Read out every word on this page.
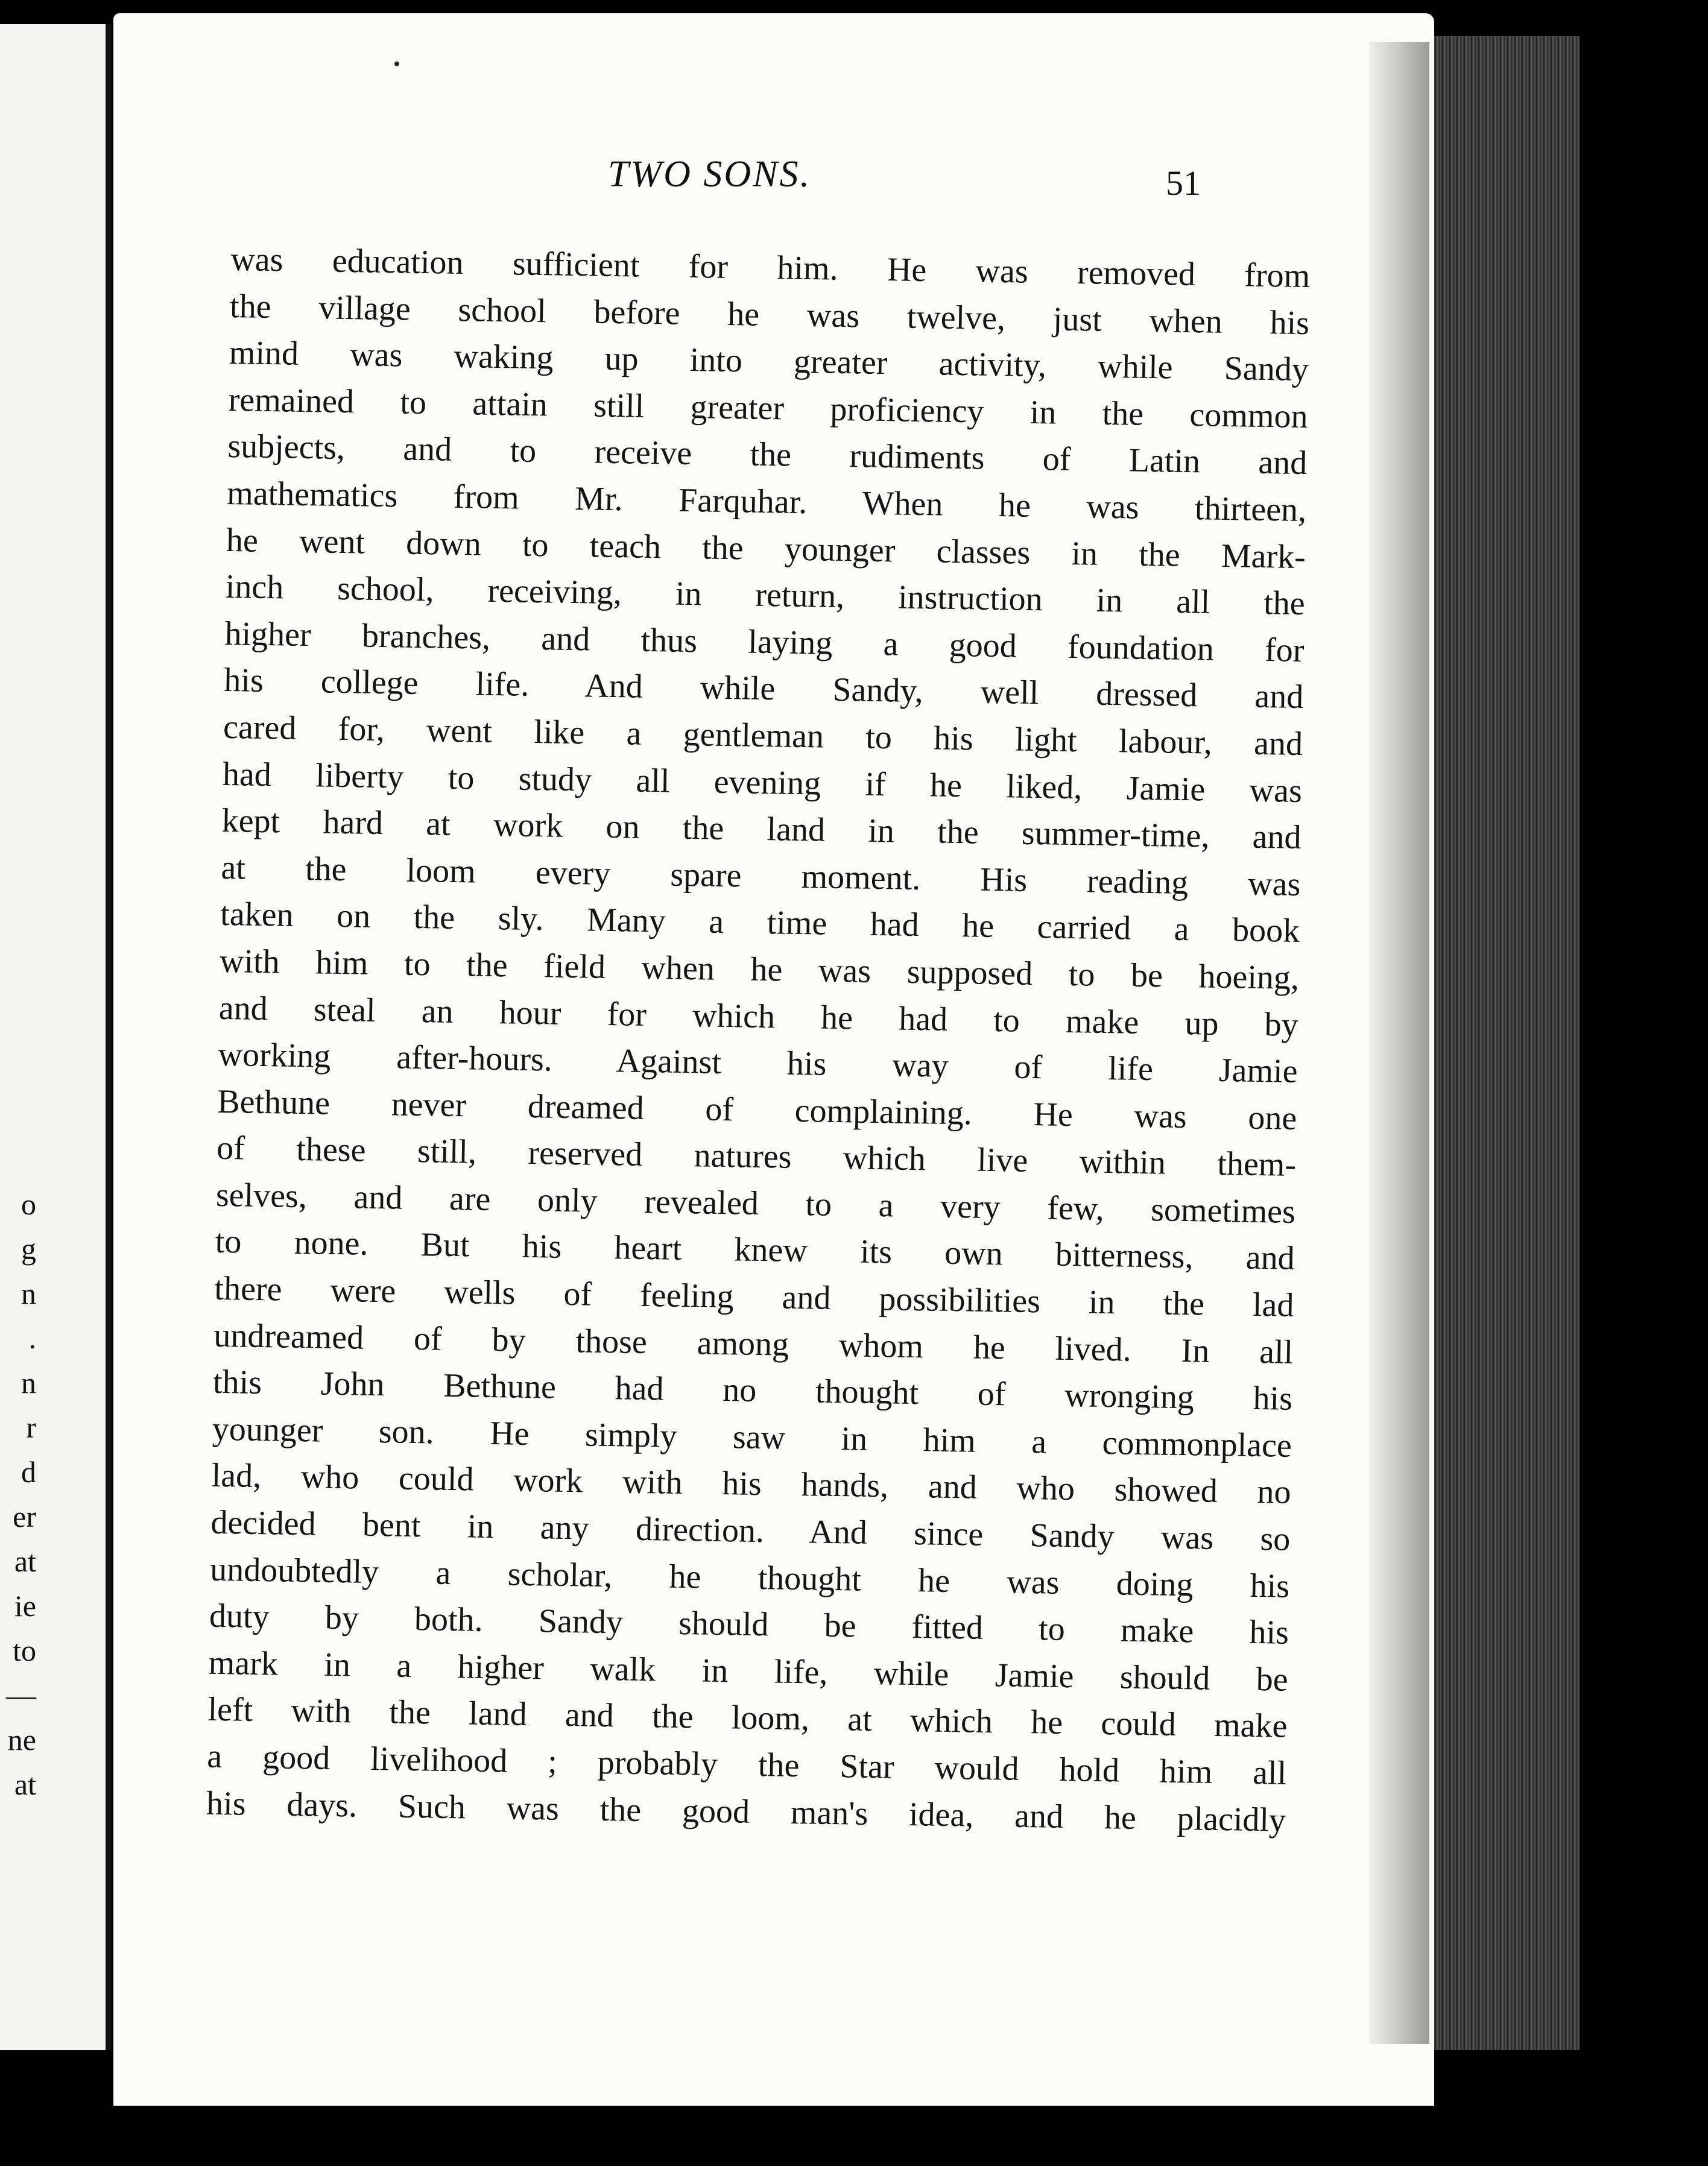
o
g
n
.
n
r
d
er
at
ie
to
—
ne
at
TWO SONS.	51
was education sufficient for him. He was removed from
the village school before he was twelve, just when his
mind was waking up into greater activity, while Sandy
remained to attain still greater proficiency in the common
subjects, and to receive the rudiments of Latin and
mathematics from Mr. Farquhar. When he was thirteen,
he went down to teach the younger classes in the Mark-
inch school, receiving, in return, instruction in all the
higher branches, and thus laying a good foundation for
his college life. And while Sandy, well dressed and
cared for, went like a gentleman to his light labour, and
had liberty to study all evening if he liked, Jamie was
kept hard at work on the land in the summer-time, and
at the loom every spare moment. His reading was
taken on the sly. Many a time had he carried a book
with him to the field when he was supposed to be hoeing,
and steal an hour for which he had to make up by
working after-hours. Against his way of life Jamie
Bethune never dreamed of complaining. He was one
of these still, reserved natures which live within them-
selves, and are only revealed to a very few, sometimes
to none. But his heart knew its own bitterness, and
there were wells of feeling and possibilities in the lad
undreamed of by those among whom he lived. In all
this John Bethune had no thought of wronging his
younger son. He simply saw in him a commonplace
lad, who could work with his hands, and who showed no
decided bent in any direction. And since Sandy was so
undoubtedly a scholar, he thought he was doing his
duty by both. Sandy should be fitted to make his
mark in a higher walk in life, while Jamie should be
left with the land and the loom, at which he could make
a good livelihood ; probably the Star would hold him all
his days. Such was the good man's idea, and he placidly
